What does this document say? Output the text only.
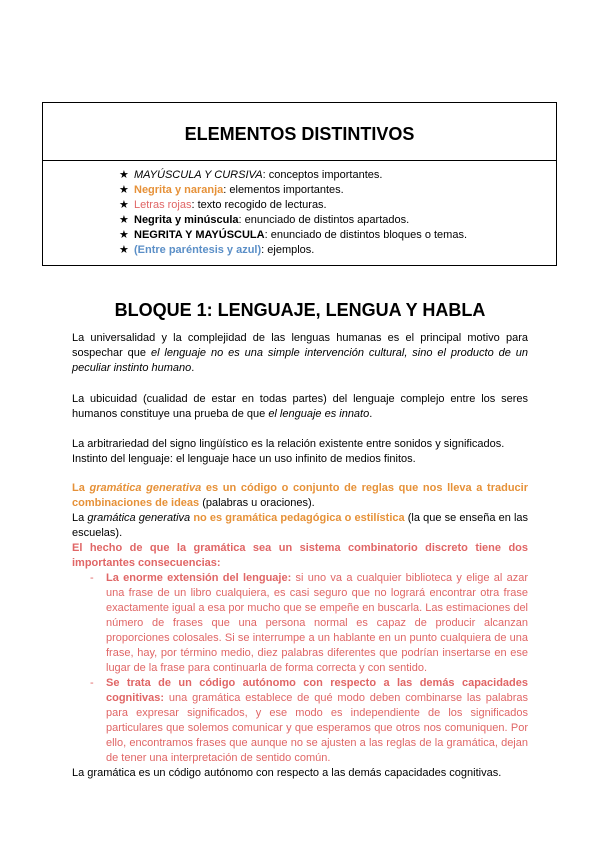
ELEMENTOS DISTINTIVOS
★ MAYÚSCULA Y CURSIVA: conceptos importantes.
★ Negrita y naranja: elementos importantes.
★ Letras rojas: texto recogido de lecturas.
★ Negrita y minúscula: enunciado de distintos apartados.
★ NEGRITA Y MAYÚSCULA: enunciado de distintos bloques o temas.
★ (Entre paréntesis y azul): ejemplos.
BLOQUE 1: LENGUAJE, LENGUA Y HABLA

La universalidad y la complejidad de las lenguas humanas es el principal motivo para sospechar que el lenguaje no es una simple intervención cultural, sino el producto de un peculiar instinto humano.

La ubicuidad (cualidad de estar en todas partes) del lenguaje complejo entre los seres humanos constituye una prueba de que el lenguaje es innato.

La arbitrariedad del signo lingüístico es la relación existente entre sonidos y significados.

Instinto del lenguaje: el lenguaje hace un uso infinito de medios finitos.

La gramática generativa es un código o conjunto de reglas que nos lleva a traducir combinaciones de ideas (palabras u oraciones).

La gramática generativa no es gramática pedagógica o estilística (la que se enseña en las escuelas).

El hecho de que la gramática sea un sistema combinatorio discreto tiene dos importantes consecuencias:

- La enorme extensión del lenguaje: si uno va a cualquier biblioteca y elige al azar una frase de un libro cualquiera, es casi seguro que no logrará encontrar otra frase exactamente igual a esa por mucho que se empeñe en buscarla. Las estimaciones del número de frases que una persona normal es capaz de producir alcanzan proporciones colosales. Si se interrumpe a un hablante en un punto cualquiera de una frase, hay, por término medio, diez palabras diferentes que podrían insertarse en ese lugar de la frase para continuarla de forma correcta y con sentido.
- Se trata de un código autónomo con respecto a las demás capacidades cognitivas: una gramática establece de qué modo deben combinarse las palabras para expresar significados, y ese modo es independiente de los significados particulares que solemos comunicar y que esperamos que otros nos comuniquen. Por ello, encontramos frases que aunque no se ajusten a las reglas de la gramática, dejan de tener una interpretación de sentido común.

La gramática es un código autónomo con respecto a las demás capacidades cognitivas.
